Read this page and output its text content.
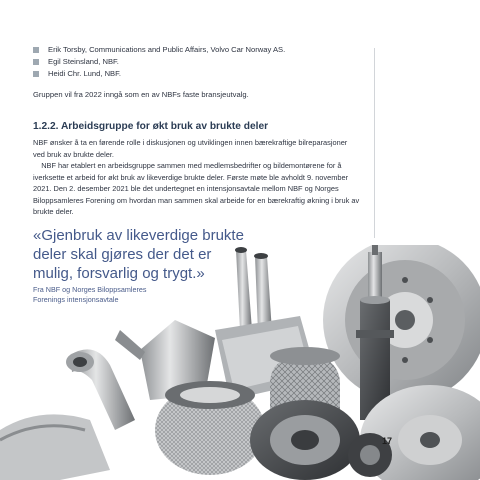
Erik Torsby, Communications and Public Affairs, Volvo Car Norway AS.
Egil Steinsland, NBF.
Heidi Chr. Lund, NBF.

Gruppen vil fra 2022 inngå som en av NBFs faste bransjeutvalg.

1.2.2. Arbeidsgruppe for økt bruk av brukte deler
NBF ønsker å ta en førende rolle i diskusjonen og utviklingen innen bærekraftige bilreparasjoner
ved bruk av brukte deler.
NBF har etablert en arbeidsgruppe sammen med medlemsbedrifter og bildemontørene for å
iverksette et arbeid for økt bruk av likeverdige brukte deler. Første møte ble avholdt 9. november
2021. Den 2. desember 2021 ble det undertegnet en intensjonsavtale mellom NBF og Norges
Biloppsamleres Forening om hvordan man sammen skal arbeide for en bærekraftig økning i bruk av
brukte deler.
«Gjenbruk av likeverdige brukte
deler skal gjøres der det er
mulig, forsvarlig og trygt.»
Fra NBF og Norges Biloppsamleres
Forenings intensjonsavtale
17
